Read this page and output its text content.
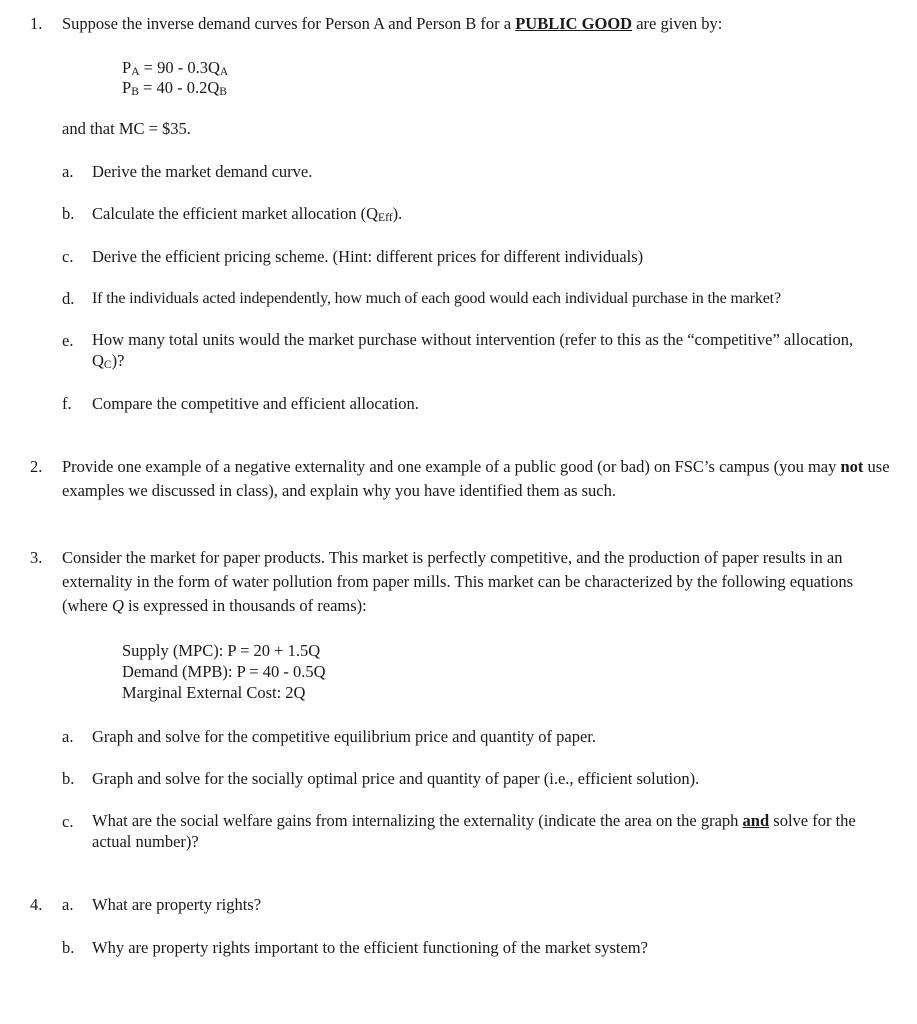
1. Suppose the inverse demand curves for Person A and Person B for a PUBLIC GOOD are given by:
$P_A = 90 - 0.3Q_A$
$P_B = 40 - 0.2Q_B$
and that MC = $35.
a. Derive the market demand curve.
b. Calculate the efficient market allocation $(Q_{Eff})$.
c. Derive the efficient pricing scheme. (Hint: different prices for different individuals)
d. If the individuals acted independently, how much of each good would each individual purchase in the market?
e. How many total units would the market purchase without intervention (refer to this as the “competitive” allocation, $Q_C$)?
f. Compare the competitive and efficient allocation.
2. Provide one example of a negative externality and one example of a public good (or bad) on FSC’s campus (you may not use examples we discussed in class), and explain why you have identified them as such.
3. Consider the market for paper products. This market is perfectly competitive, and the production of paper results in an externality in the form of water pollution from paper mills. This market can be characterized by the following equations (where Q is expressed in thousands of reams):
Supply (MPC): P = 20 + 1.5Q
Demand (MPB): P = 40 - 0.5Q
Marginal External Cost: 2Q
a. Graph and solve for the competitive equilibrium price and quantity of paper.
b. Graph and solve for the socially optimal price and quantity of paper (i.e., efficient solution).
c. What are the social welfare gains from internalizing the externality (indicate the area on the graph and solve for the actual number)?
4. a. What are property rights?
b. Why are property rights important to the efficient functioning of the market system?
